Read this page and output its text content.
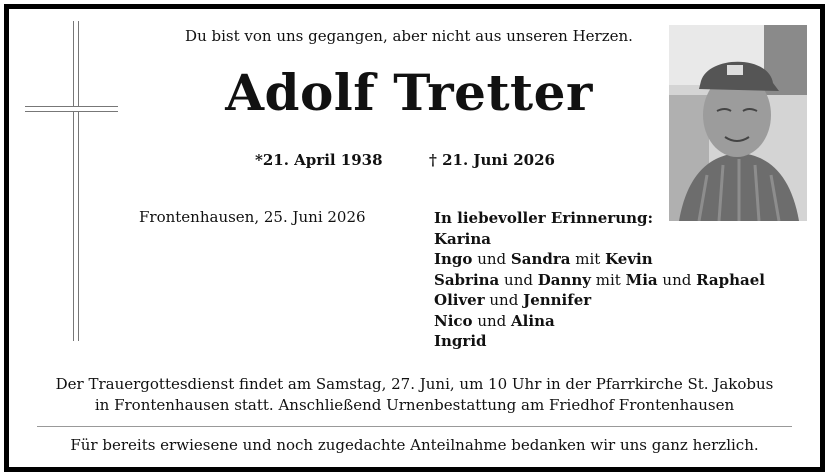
Du bist von uns gegangen, aber nicht aus unseren Herzen.
Adolf Tretter
*21. April 1938	† 21. Juni 2026
Frontenhausen, 25. Juni 2026	In liebevoller Erinnerung:
Karina
Ingo und Sandra mit Kevin
Sabrina und Danny mit Mia und Raphael
Oliver und Jennifer
Nico und Alina
Ingrid
Der Trauergottesdienst findet am Samstag, 27. Juni, um 10 Uhr in der Pfarrkirche St. Jakobus
in Frontenhausen statt. Anschließend Urnenbestattung am Friedhof Frontenhausen
Für bereits erwiesene und noch zugedachte Anteilnahme bedanken wir uns ganz herzlich.
